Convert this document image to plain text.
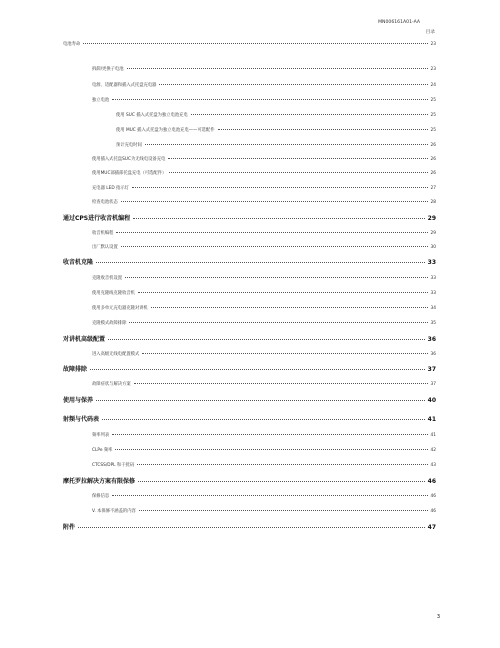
MN006161A01-AA
目录
电池寿命	23
拆卸/更换子电池	23
电源、适配器和插入式托盘充电器	24
独立电池	25
使用 SUC 插入式托盘为独立电池充电	25
使用 MUC 插入式托盘为独立电池充电——可选配件	25
预计充电时间	26
使用插入式托盘SUC为无线电设备充电	26
使用MUC部插部托盘充电（可选配件）	26
充电器 LED 指示灯	27
检查电池状态	28
通过CPS进行收音机编程	29
收音机编程	29
出厂默认设置	30
收音机克隆	33
克隆收音机设置	33
使用克隆线克隆收音机	33
使用多单元充电器克隆对讲机	34
克隆模式故障排除	35
对讲机高级配置	36
进入高级无线电配置模式	36
故障排除	37
故障症状与解决方案	37
使用与保养	40
射频与代码表	41
频率列表	41
CLPe 频率	42
CTCSS/DPL 和干扰码	43
摩托罗拉解决方案有限保修	46
保修信息	46
V. 本保修不涵盖的内容	46
附件	47
3
